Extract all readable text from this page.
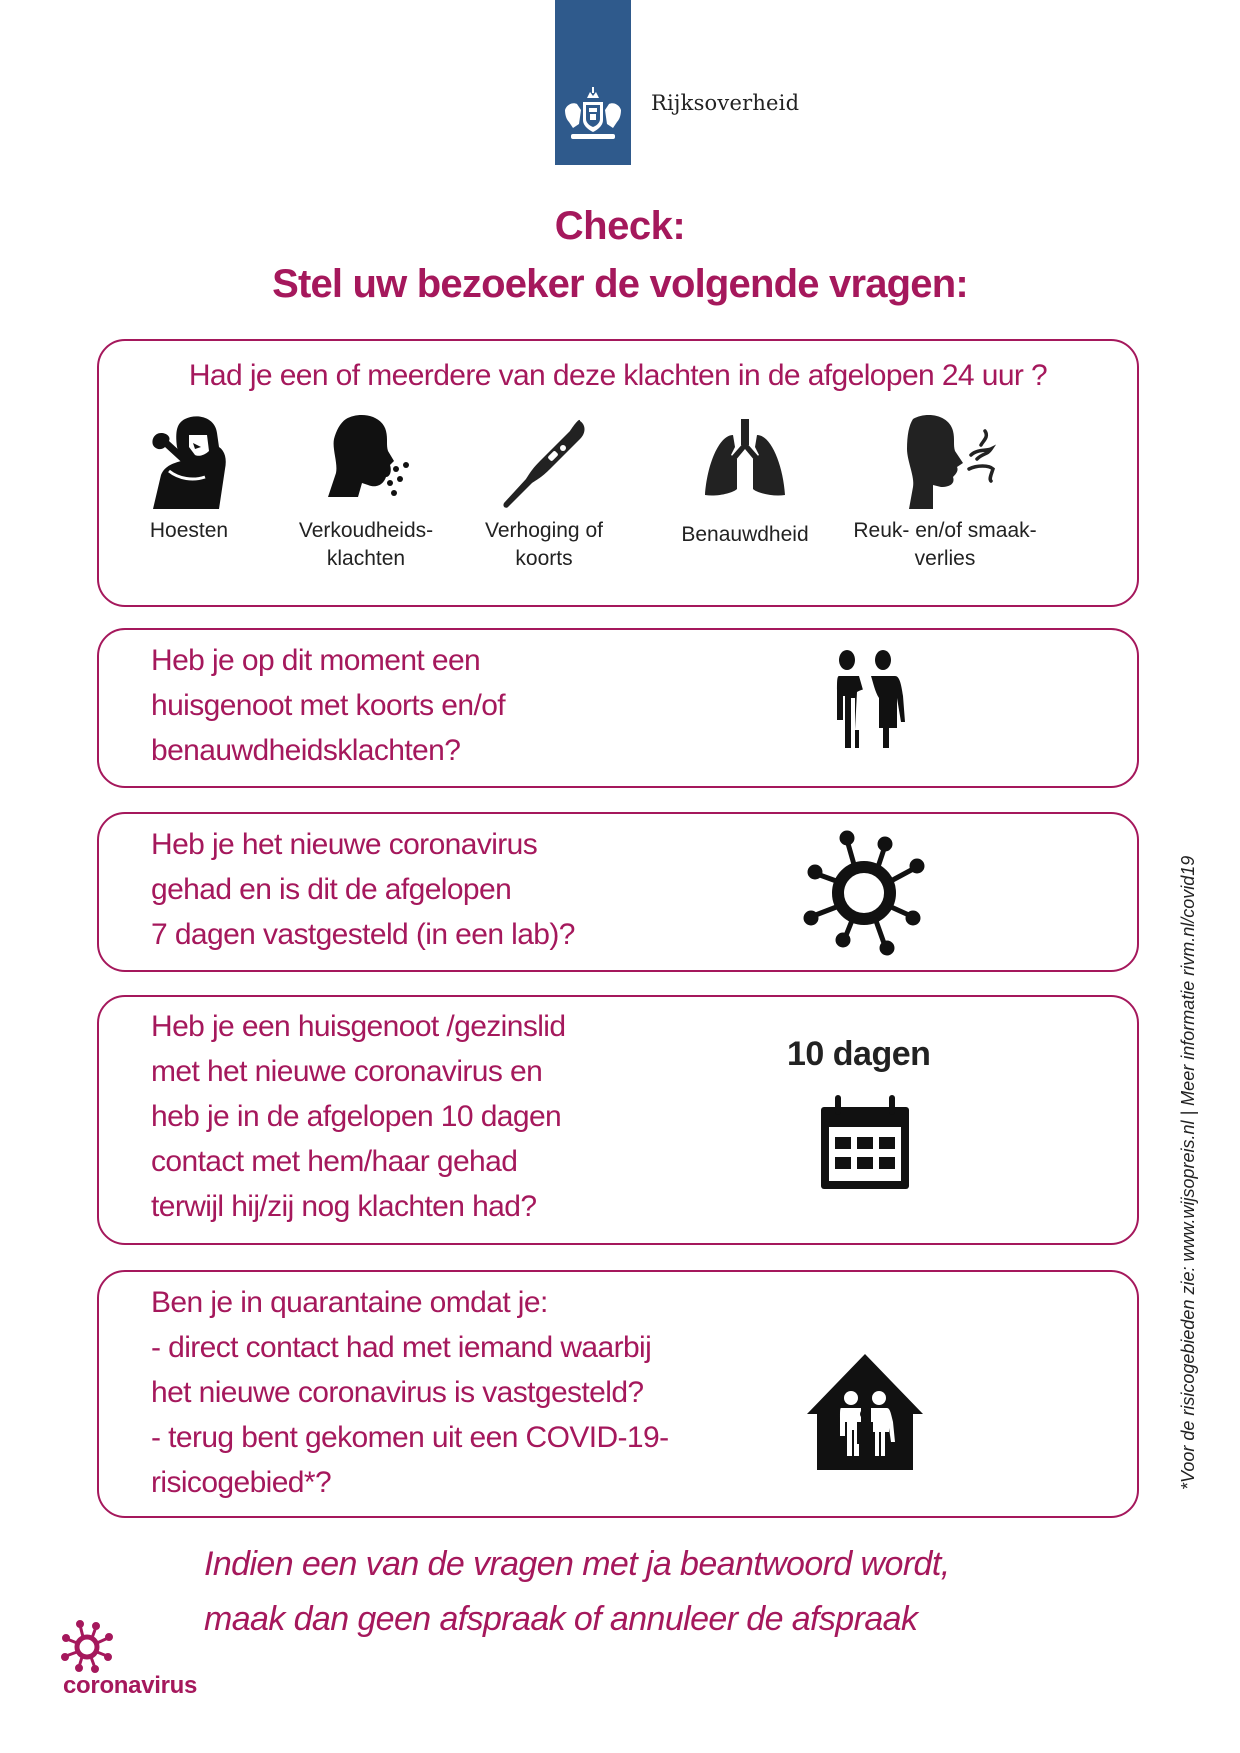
Rijksoverheid
Check:
Stel uw bezoeker de volgende vragen:
Had je een of meerdere van deze klachten in de afgelopen 24 uur ?
Hoesten	Verkoudheids-
klachten
Verhoging of
koorts
Benauwdheid	Reuk- en/of smaak-
verlies
Heb je op dit moment een
huisgenoot met koorts en/of
benauwdheidsklachten?
Heb je het nieuwe coronavirus
gehad en is dit de afgelopen
7 dagen vastgesteld (in een lab)?
Heb je een huisgenoot /gezinslid
met het nieuwe coronavirus en
heb je in de afgelopen 10 dagen
contact met hem/haar gehad
terwijl hij/zij nog klachten had?
10 dagen
Ben je in quarantaine omdat je:
- direct contact had met iemand waarbij
het nieuwe coronavirus is vastgesteld?
- terug bent gekomen uit een COVID-19-
risicogebied*?	*Voor de risicogebieden zie: www.wijsopreis.nl | Meer informatie rivm.nl/covid19
Indien een van de vragen met ja beantwoord wordt,
maak dan geen afspraak of annuleer de afspraak
coronavirus
